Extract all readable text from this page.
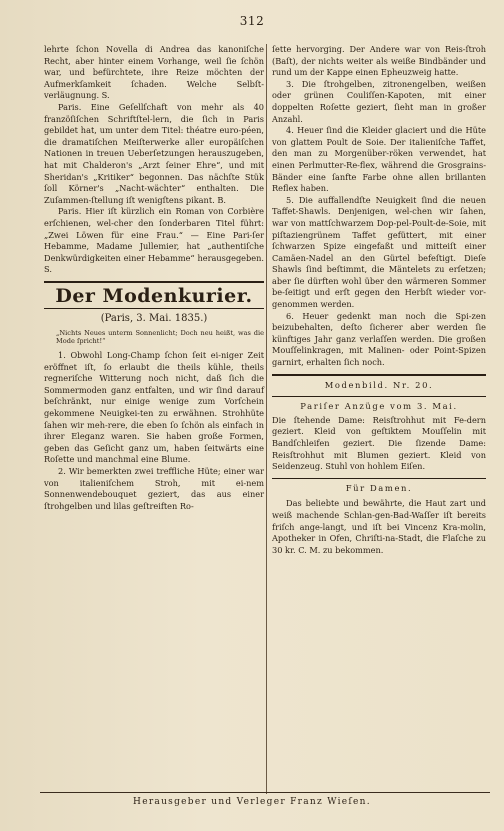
312

lehrte ſchon Novella di Andrea das kanoniſche Recht, aber hinter einem Vorhange, weil ſie ſchön war, und befürchtete, ihre Reize möchten der Aufmerkſamkeit ſchaden. Welche Selbſt-verläugnung. S.

Paris. Eine Geſellſchaft von mehr als 40 franzöſiſchen Schriftſtel-lern, die ſich in Paris gebildet hat, um unter dem Titel: théatre euro-péen, die dramatiſchen Meiſterwerke aller europäiſchen Nationen in treuen Ueberſetzungen herauszugeben, hat mit Chalderon's „Arzt ſeiner Ehre“, und mit Sheridan's „Kritiker“ begonnen. Das nächſte Stük ſoll Körner's „Nacht-wächter“ enthalten. Die Zuſammen-ſtellung iſt wenigſtens pikant. B.

Paris. Hier iſt kürzlich ein Roman von Corbière erſchienen, wel-cher den ſonderbaren Titel führt: „Zwei Löwen für eine Frau.“ — Eine Pari-ſer Hebamme, Madame Jullemier, hat „authentiſche Denkwürdigkeiten einer Hebamme“ herausgegeben. S.

Der Modenkurier.
(Paris, 3. Mai. 1835.)
„Nichts Neues unterm Sonnenlicht; Doch neu heißt, was die Mode ſpricht!“

1. Obwohl Long-Champ ſchon ſeit ei-niger Zeit eröffnet iſt, ſo erlaubt die theils kühle, theils regneriſche Witterung noch nicht, daß ſich die Sommermoden ganz entfalten, und wir ſind darauf beſchränkt, nur einige wenige zum Vorſchein gekommene Neuigkei-ten zu erwähnen. Strohhüte ſahen wir meh-rere, die eben ſo ſchön als einfach in ihrer Eleganz waren. Sie haben große Formen, geben das Geſicht ganz um, haben ſeitwärts eine Roſette und manchmal eine Blume.

2. Wir bemerkten zwei treffliche Hüte; einer war von italieniſchem Stroh, mit ei-nem Sonnenwendebouquet geziert, das aus einer ſtrohgelben und lilas geſtreiften Ro-

ſette hervorging. Der Andere war von Reis-ſtroh (Baſt), der nichts weiter als weiße Bindbänder und rund um der Kappe einen Epheuzweig hatte.

3. Die ſtrohgelben, zitronengelben, weißen oder grünen Couliſſen-Kapoten, mit einer doppelten Roſette geziert, ſieht man in großer Anzahl.

4. Heuer ſind die Kleider glaciert und die Hüte von glattem Poult de Soie. Der italieniſche Taffet, den man zu Morgenüber-röken verwendet, hat einen Perlmutter-Re-flex, während die Grosgrains-Bänder eine ſanfte Farbe ohne allen brillanten Reflex haben.

5. Die auffallendſte Neuigkeit ſind die neuen Taffet-Shawls. Denjenigen, wel-chen wir ſahen, war von mattſchwarzem Dop-pel-Poult-de-Soie, mit piſtaziengrünem Taffet gefüttert, mit einer ſchwarzen Spize eingefaßt und mitteiſt einer Camäen-Nadel an den Gürtel befeſtigt. Dieſe Shawls ſind beſtimmt, die Mäntelets zu erſetzen; aber ſie dürften wohl über den wärmeren Sommer be-ſeitigt und erſt gegen den Herbſt wieder vor-genommen werden.

6. Heuer gedenkt man noch die Spi-zen beizubehalten, deſto ſicherer aber werden ſie künftiges Jahr ganz verlaſſen werden. Die großen Mouſſelinkragen, mit Malinen- oder Point-Spizen garnirt, erhalten ſich noch.

Modenbild. Nr. 20.
Pariſer Anzüge vom 3. Mai.

Die ſtehende Dame: Reisſtrohhut mit Fe-dern geziert. Kleid von geſtiktem Mouſſelin mit Bandſchleifen geziert. Die ſizende Dame: Reisſtrohhut mit Blumen geziert. Kleid von Seidenzeug. Stuhl von hohlem Eiſen.

Für Damen.

Das beliebte und bewährte, die Haut zart und weiß machende Schlan-gen-Bad-Waſſer iſt bereits friſch ange-langt, und iſt bei Vincenz Kra-molin, Apotheker in Ofen, Chriſti-na-Stadt, die Flaſche zu 30 kr. C. M. zu bekommen.

Herausgeber und Verleger Franz Wieſen.
